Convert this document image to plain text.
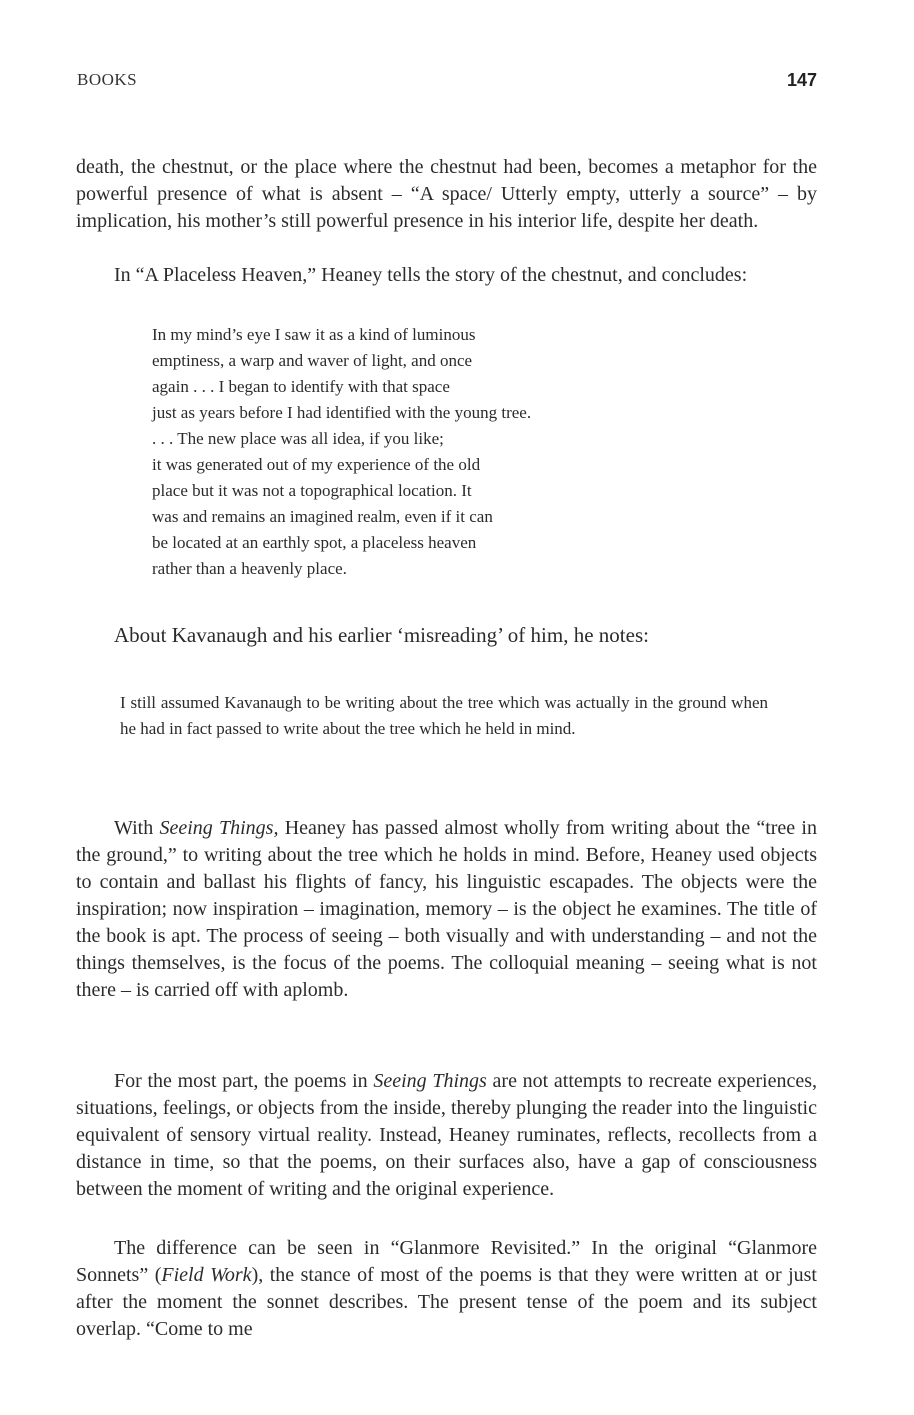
BOOKS	147

death, the chestnut, or the place where the chestnut had been, becomes a metaphor for the powerful presence of what is absent – “A space/ Utterly empty, utterly a source” – by implication, his mother’s still powerful presence in his interior life, despite her death.

In “A Placeless Heaven,” Heaney tells the story of the chestnut, and concludes:

In my mind’s eye I saw it as a kind of luminous
emptiness, a warp and waver of light, and once
again . . . I began to identify with that space
just as years before I had identified with the young tree.
. . . The new place was all idea, if you like;
it was generated out of my experience of the old
place but it was not a topographical location. It
was and remains an imagined realm, even if it can
be located at an earthly spot, a placeless heaven
rather than a heavenly place.

About Kavanaugh and his earlier ‘misreading’ of him, he notes:

I still assumed Kavanaugh to be writing about the tree which was actually in the ground when he had in fact passed to write about the tree which he held in mind.

With Seeing Things, Heaney has passed almost wholly from writing about the “tree in the ground,” to writing about the tree which he holds in mind. Before, Heaney used objects to contain and ballast his flights of fancy, his linguistic escapades. The objects were the inspiration; now inspiration – imagination, memory – is the object he examines. The title of the book is apt. The process of seeing – both visually and with understanding – and not the things themselves, is the focus of the poems. The colloquial meaning – seeing what is not there – is carried off with aplomb.

For the most part, the poems in Seeing Things are not attempts to recreate experiences, situations, feelings, or objects from the inside, thereby plunging the reader into the linguistic equivalent of sensory virtual reality. Instead, Heaney ruminates, reflects, recollects from a distance in time, so that the poems, on their surfaces also, have a gap of consciousness between the moment of writing and the original experience.

The difference can be seen in “Glanmore Revisited.” In the original “Glanmore Sonnets” (Field Work), the stance of most of the poems is that they were written at or just after the moment the sonnet describes. The present tense of the poem and its subject overlap. “Come to me
